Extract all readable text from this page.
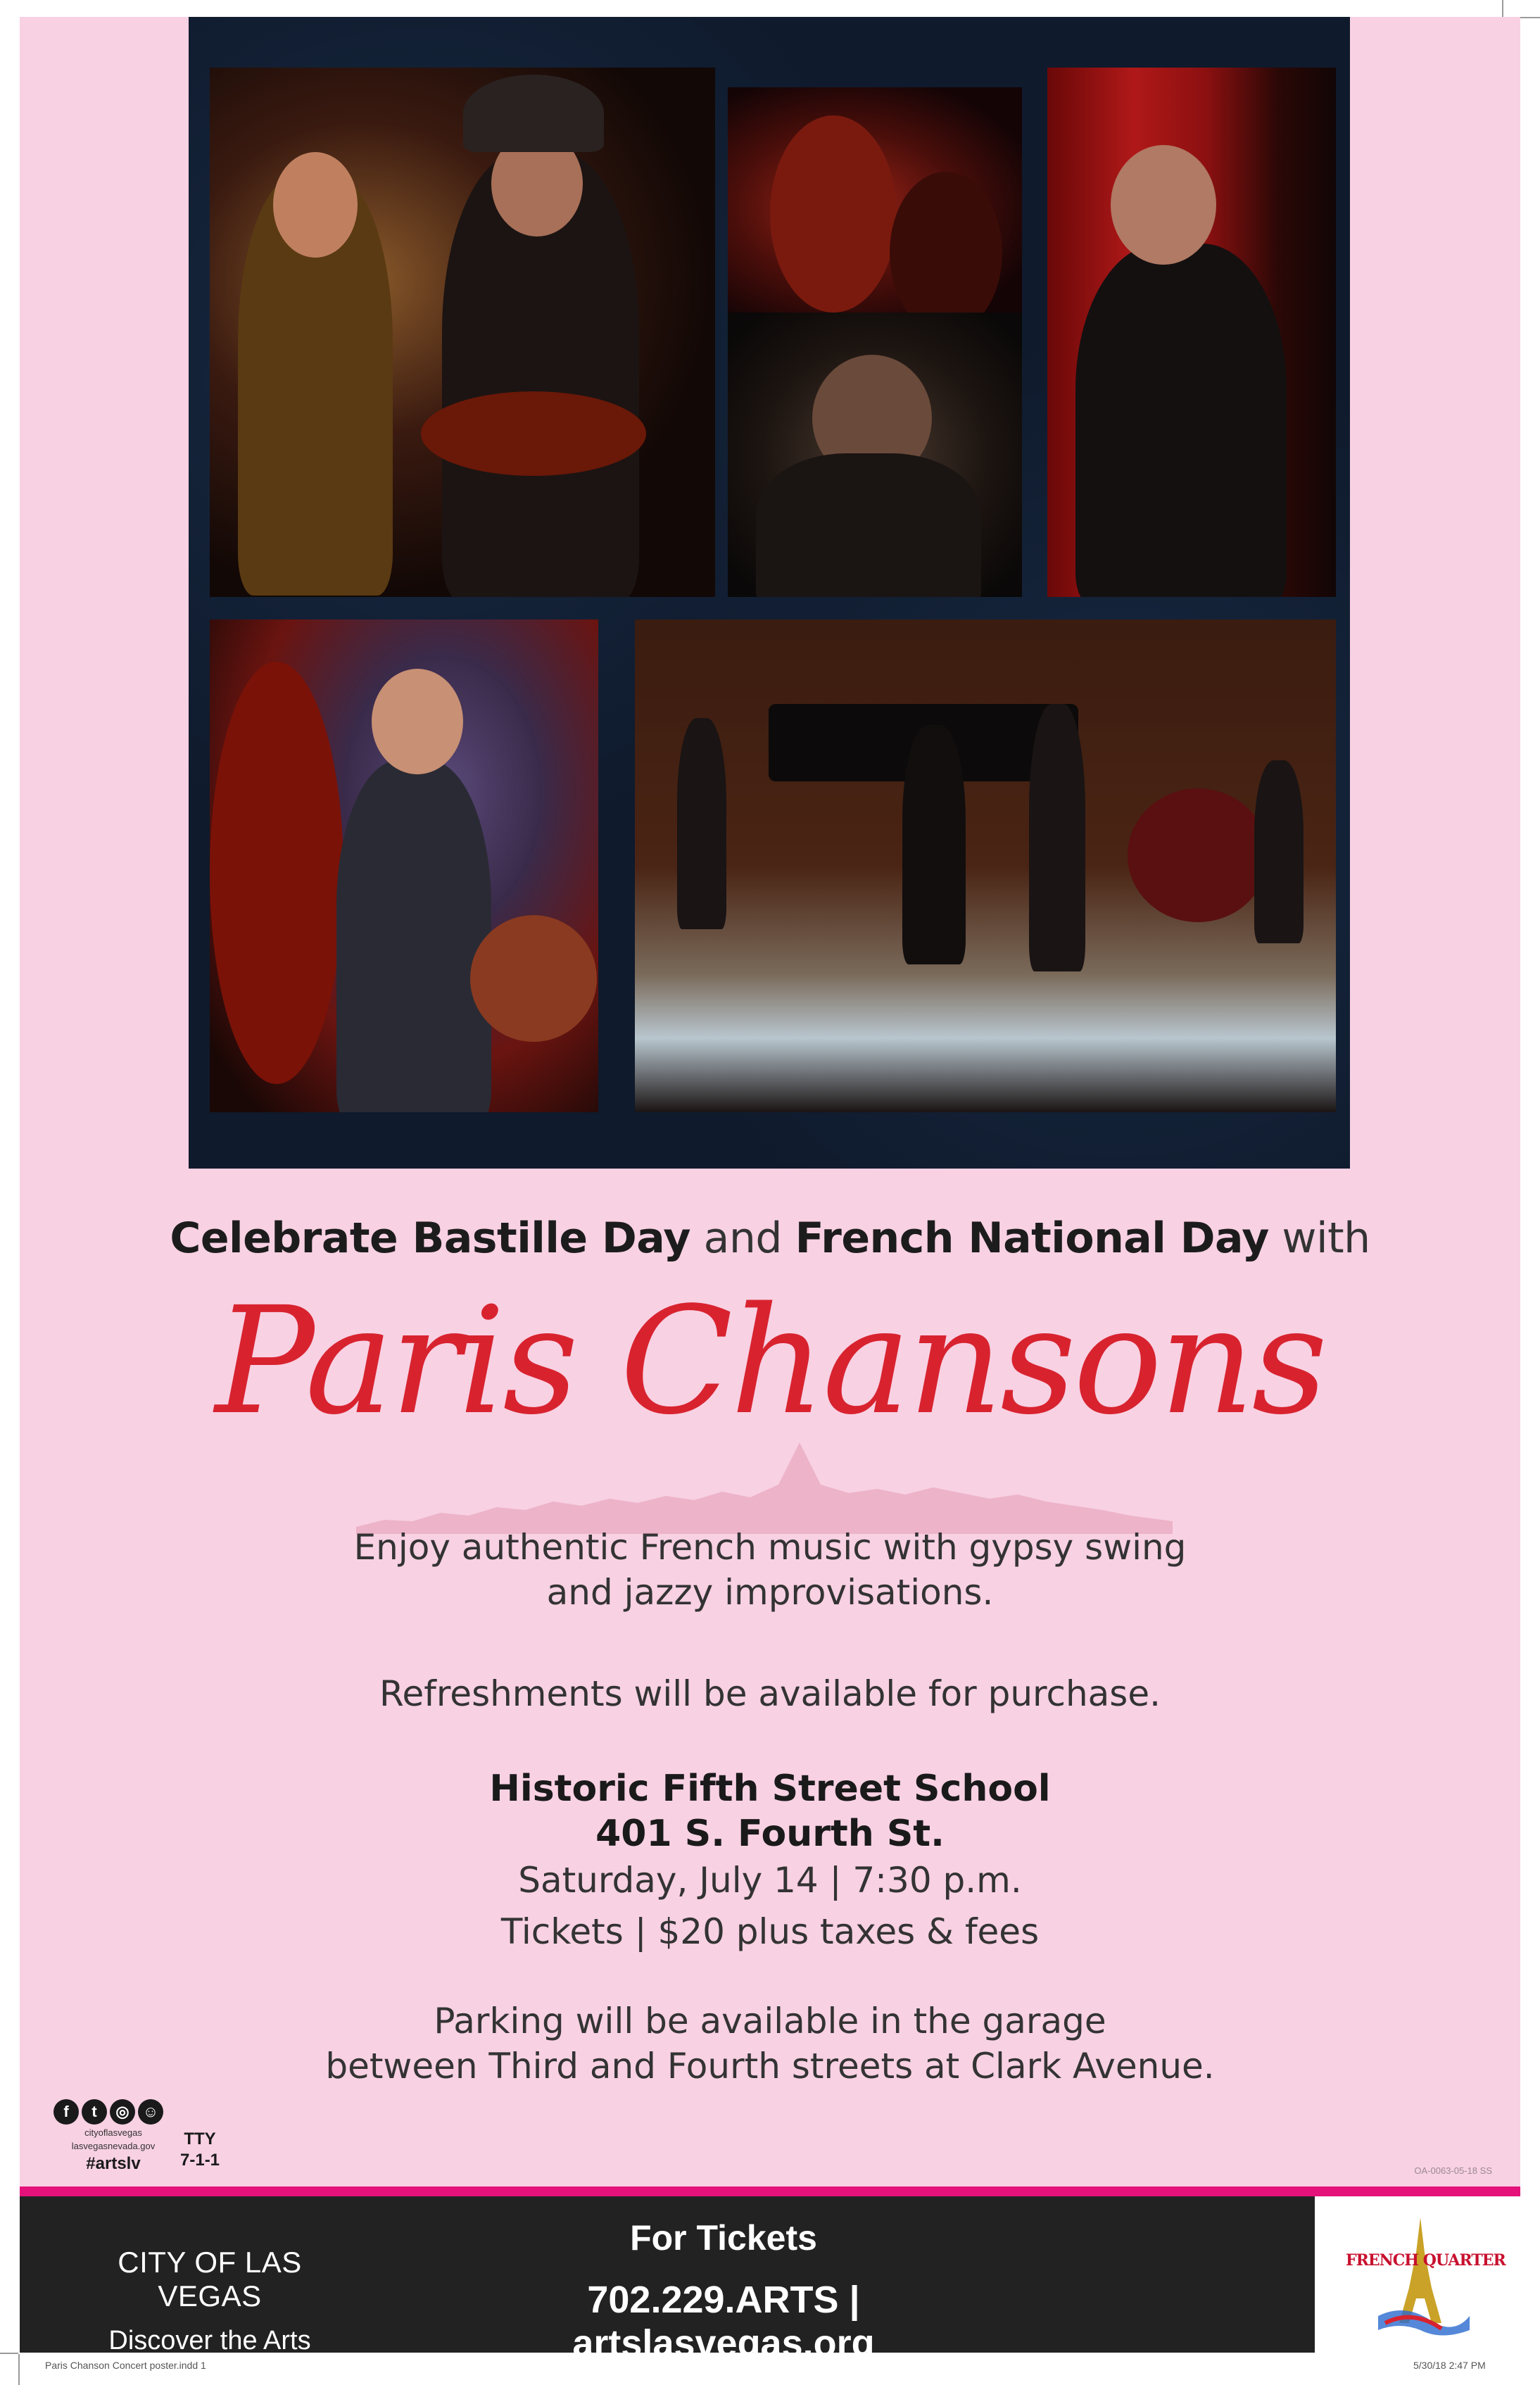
Celebrate Bastille Day and French National Day with
Paris Chansons
Enjoy authentic French music with gypsy swing
and jazzy improvisations.
Refreshments will be available for purchase.
Historic Fifth Street School
401 S. Fourth St.
Saturday, July 14 | 7:30 p.m.
Tickets | $20 plus taxes & fees
Parking will be available in the garage
between Third and Fourth streets at Clark Avenue.
f	t	◎ ☺
cityoflasvegas
lasvegasnevada.gov
#artslv
TTY
7-1-1
OA-0063-05-18 SS
CITY OF LAS VEGAS
Discover the Arts
For Tickets
702.229.ARTS | artslasvegas.org
FRENCH QUARTER
Paris Chanson Concert poster.indd 1	5/30/18 2:47 PM
